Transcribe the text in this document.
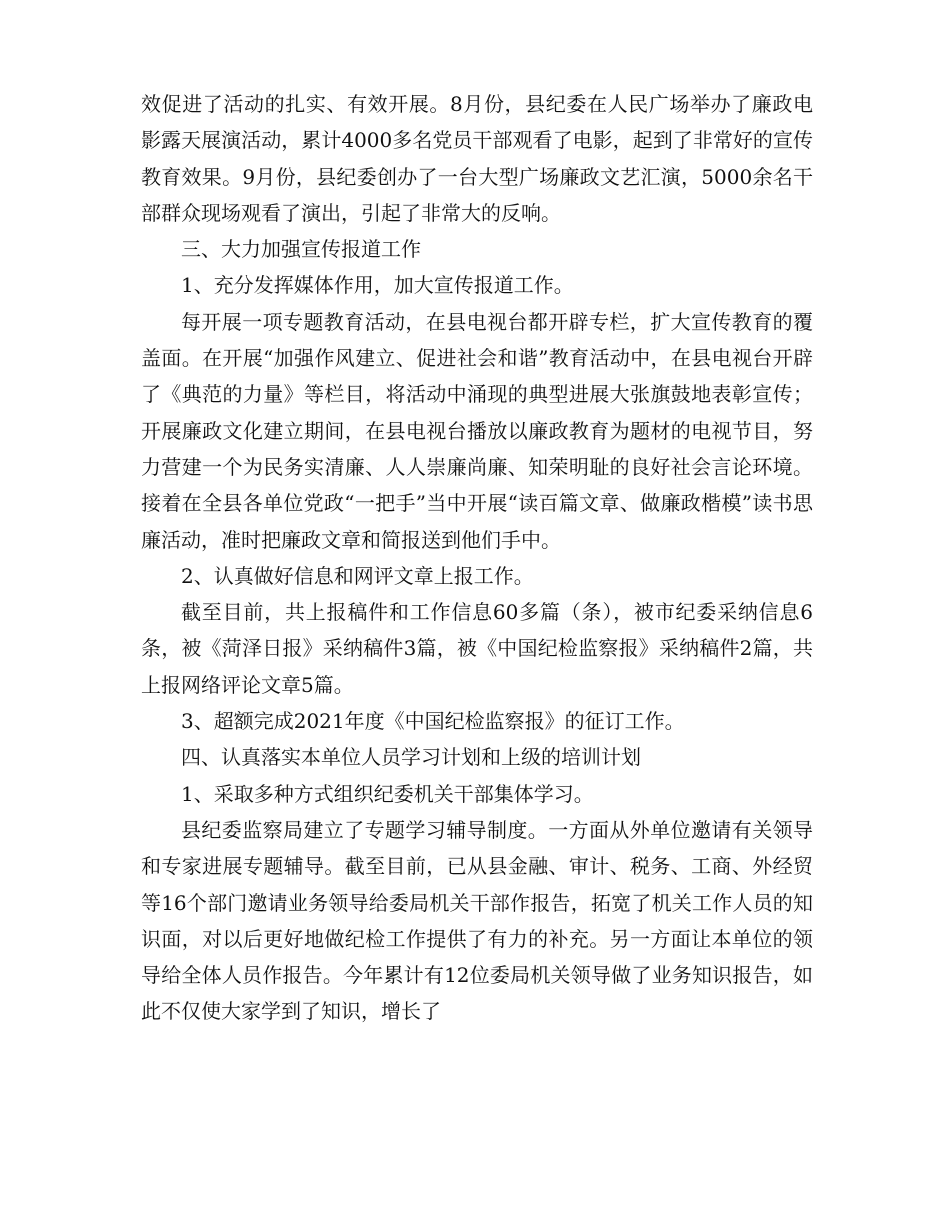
效促进了活动的扎实、有效开展。8月份，县纪委在人民广场举办了廉政电影露天展演活动，累计4000多名党员干部观看了电影，起到了非常好的宣传教育效果。9月份，县纪委创办了一台大型广场廉政文艺汇演，5000余名干部群众现场观看了演出，引起了非常大的反响。

三、大力加强宣传报道工作

1、充分发挥媒体作用，加大宣传报道工作。

每开展一项专题教育活动，在县电视台都开辟专栏，扩大宣传教育的覆盖面。在开展“加强作风建立、促进社会和谐”教育活动中，在县电视台开辟了《典范的力量》等栏目，将活动中涌现的典型进展大张旗鼓地表彰宣传；开展廉政文化建立期间，在县电视台播放以廉政教育为题材的电视节目，努力营建一个为民务实清廉、人人崇廉尚廉、知荣明耻的良好社会言论环境。接着在全县各单位党政“一把手”当中开展“读百篇文章、做廉政楷模”读书思廉活动，准时把廉政文章和简报送到他们手中。

2、认真做好信息和网评文章上报工作。

截至目前，共上报稿件和工作信息60多篇（条），被市纪委采纳信息6条，被《菏泽日报》采纳稿件3篇，被《中国纪检监察报》采纳稿件2篇，共上报网络评论文章5篇。

3、超额完成2021年度《中国纪检监察报》的征订工作。

四、认真落实本单位人员学习计划和上级的培训计划

1、采取多种方式组织纪委机关干部集体学习。

县纪委监察局建立了专题学习辅导制度。一方面从外单位邀请有关领导和专家进展专题辅导。截至目前，已从县金融、审计、税务、工商、外经贸等16个部门邀请业务领导给委局机关干部作报告，拓宽了机关工作人员的知识面，对以后更好地做纪检工作提供了有力的补充。另一方面让本单位的领导给全体人员作报告。今年累计有12位委局机关领导做了业务知识报告，如此不仅使大家学到了知识，增长了
